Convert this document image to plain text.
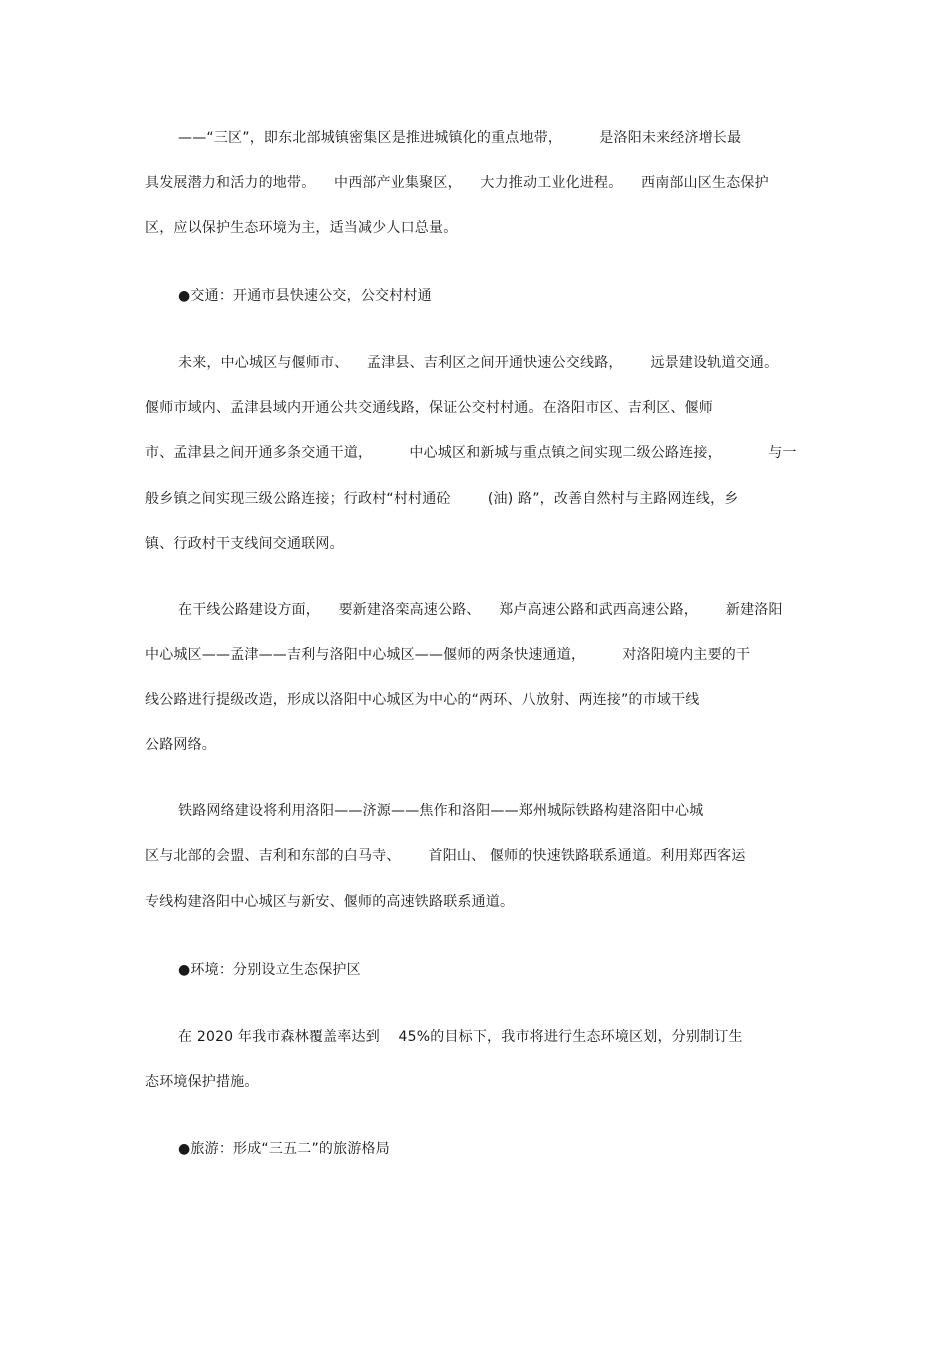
——“三区”，即东北部城镇密集区是推进城镇化的重点地带，        是洛阳未来经济增长最
具发展潜力和活力的地带。    中西部产业集聚区，    大力推动工业化进程。    西南部山区生态保护
区，应以保护生态环境为主，适当减少人口总量。
●交通：开通市县快速公交，公交村村通
未来，中心城区与偃师市、    孟津县、吉利区之间开通快速公交线路，      远景建设轨道交通。
偃师市域内、孟津县域内开通公共交通线路，保证公交村村通。在洛阳市区、吉利区、偃师
市、孟津县之间开通多条交通干道，        中心城区和新城与重点镇之间实现二级公路连接，          与一
般乡镇之间实现三级公路连接；行政村“村村通砼        (油) 路”，改善自然村与主路网连线，乡
镇、行政村干支线间交通联网。
在干线公路建设方面，    要新建洛栾高速公路、    郑卢高速公路和武西高速公路，      新建洛阳
中心城区——孟津——吉利与洛阳中心城区——偃师的两条快速通道，        对洛阳境内主要的干
线公路进行提级改造，形成以洛阳中心城区为中心的“两环、八放射、两连接”的市域干线
公路网络。
铁路网络建设将利用洛阳——济源——焦作和洛阳——郑州城际铁路构建洛阳中心城
区与北部的会盟、吉利和东部的白马寺、      首阳山、 偃师的快速铁路联系通道。利用郑西客运
专线构建洛阳中心城区与新安、偃师的高速铁路联系通道。
●环境：分别设立生态保护区
在 2020 年我市森林覆盖率达到    45%的目标下，我市将进行生态环境区划，分别制订生
态环境保护措施。
●旅游：形成“三五二”的旅游格局
